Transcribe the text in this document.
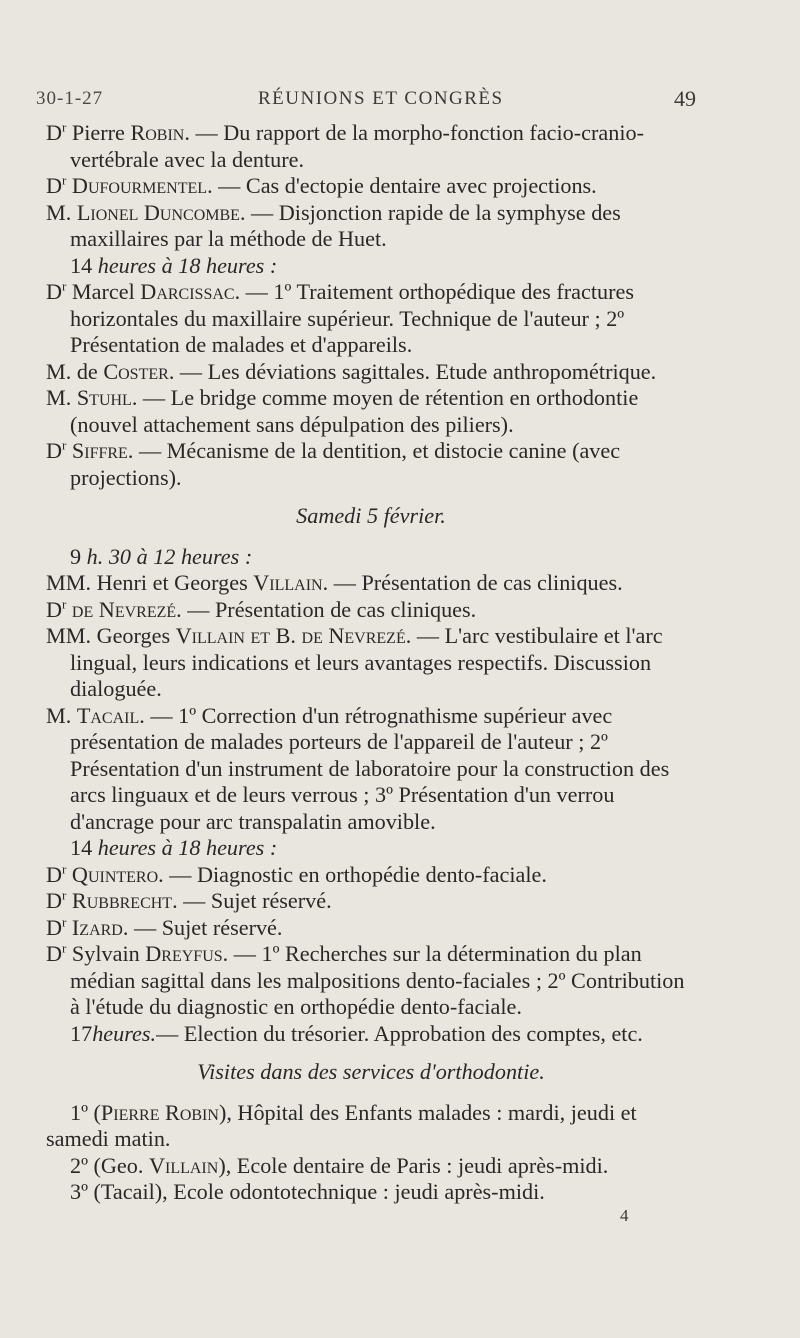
30-1-27	RÉUNIONS ET CONGRÈS	49

$D^r$ Pierre Robin. — Du rapport de la morpho-fonction facio-cranio-vertébrale avec la denture.

$D^r$ Dufourmentel. — Cas d'ectopie dentaire avec projections.

M. Lionel Duncombe. — Disjonction rapide de la symphyse des maxillaires par la méthode de Huet.

14 heures à 18 heures :

$D^r$ Marcel Darcissac. — 1º Traitement orthopédique des fractures horizontales du maxillaire supérieur. Technique de l'auteur ; 2º Présentation de malades et d'appareils.

M. de Coster. — Les déviations sagittales. Etude anthropométrique.

M. Stuhl. — Le bridge comme moyen de rétention en orthodontie (nouvel attachement sans dépulpation des piliers).

$D^r$ Siffre. — Mécanisme de la dentition, et distocie canine (avec projections).

Samedi 5 février.

9 h. 30 à 12 heures :

MM. Henri et Georges Villain. — Présentation de cas cliniques.

$D^r$ de Nevrezé. — Présentation de cas cliniques.

MM. Georges Villain et B. de Nevrezé. — L'arc vestibulaire et l'arc lingual, leurs indications et leurs avantages respectifs. Discussion dialoguée.

M. Tacail. — 1º Correction d'un rétrognathisme supérieur avec présentation de malades porteurs de l'appareil de l'auteur ; 2º Présentation d'un instrument de laboratoire pour la construction des arcs linguaux et de leurs verrous ; 3º Présentation d'un verrou d'ancrage pour arc transpalatin amovible.

14 heures à 18 heures :

$D^r$ Quintero. — Diagnostic en orthopédie dento-faciale.

$D^r$ Rubbrecht. — Sujet réservé.

$D^r$ Izard. — Sujet réservé.

$D^r$ Sylvain Dreyfus. — 1º Recherches sur la détermination du plan médian sagittal dans les malpositions dento-faciales ; 2º Contribution à l'étude du diagnostic en orthopédie dento-faciale.

17heures.— Election du trésorier. Approbation des comptes, etc.

Visites dans des services d'orthodontie.

1º (Pierre Robin), Hôpital des Enfants malades : mardi, jeudi et samedi matin.

2º (Geo. Villain), Ecole dentaire de Paris : jeudi après-midi.

3º (Tacail), Ecole odontotechnique : jeudi après-midi.

4
